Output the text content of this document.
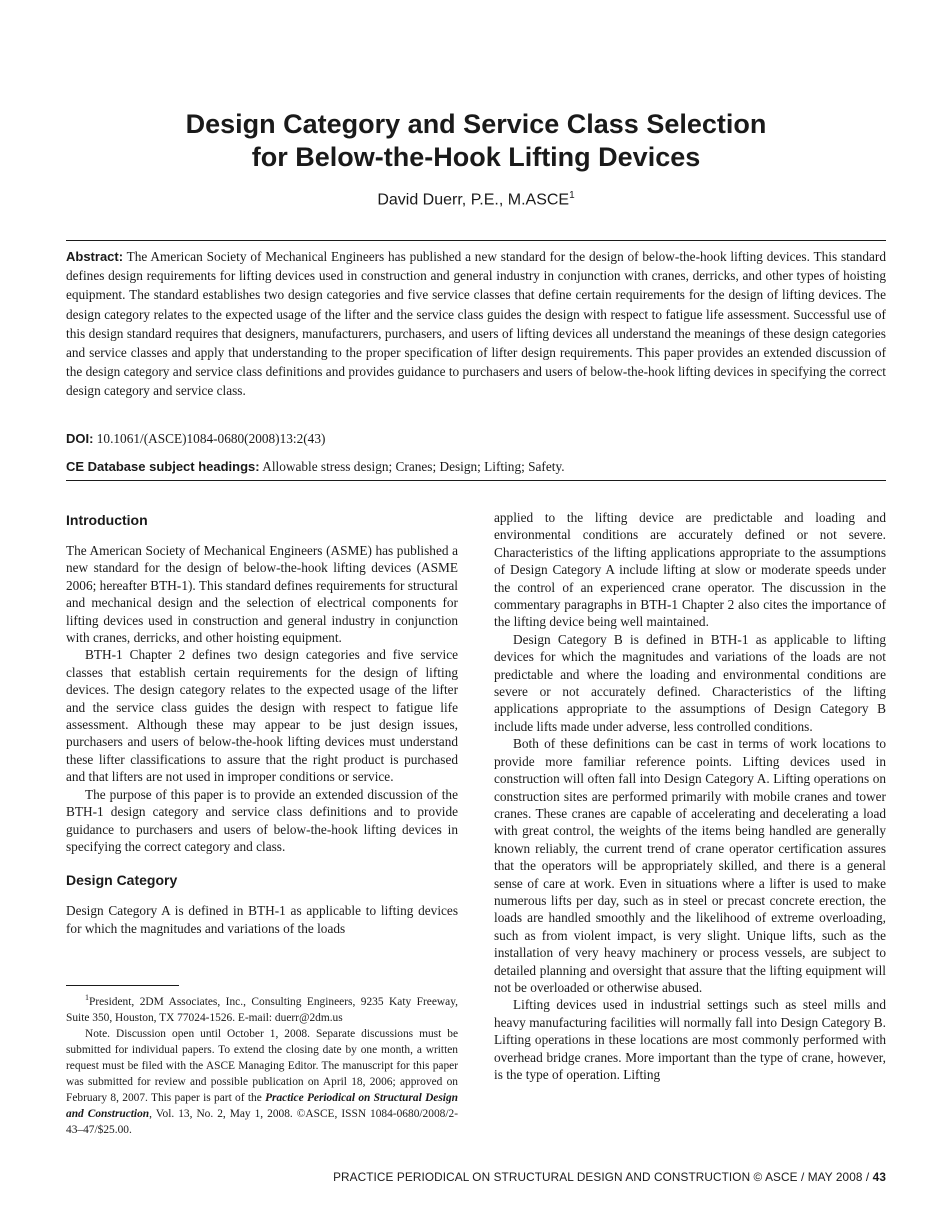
Design Category and Service Class Selection
for Below-the-Hook Lifting Devices
David Duerr, P.E., M.ASCE$^1$
Abstract: The American Society of Mechanical Engineers has published a new standard for the design of below-the-hook lifting devices. This standard defines design requirements for lifting devices used in construction and general industry in conjunction with cranes, derricks, and other types of hoisting equipment. The standard establishes two design categories and five service classes that define certain requirements for the design of lifting devices. The design category relates to the expected usage of the lifter and the service class guides the design with respect to fatigue life assessment. Successful use of this design standard requires that designers, manufacturers, purchasers, and users of lifting devices all understand the meanings of these design categories and service classes and apply that understanding to the proper specification of lifter design requirements. This paper provides an extended discussion of the design category and service class definitions and provides guidance to purchasers and users of below-the-hook lifting devices in specifying the correct design category and service class.
DOI: 10.1061/(ASCE)1084-0680(2008)13:2(43)
CE Database subject headings: Allowable stress design; Cranes; Design; Lifting; Safety.
Introduction

The American Society of Mechanical Engineers (ASME) has published a new standard for the design of below-the-hook lifting devices (ASME 2006; hereafter BTH-1). This standard defines requirements for structural and mechanical design and the selection of electrical components for lifting devices used in construction and general industry in conjunction with cranes, derricks, and other hoisting equipment.

BTH-1 Chapter 2 defines two design categories and five service classes that establish certain requirements for the design of lifting devices. The design category relates to the expected usage of the lifter and the service class guides the design with respect to fatigue life assessment. Although these may appear to be just design issues, purchasers and users of below-the-hook lifting devices must understand these lifter classifications to assure that the right product is purchased and that lifters are not used in improper conditions or service.

The purpose of this paper is to provide an extended discussion of the BTH-1 design category and service class definitions and to provide guidance to purchasers and users of below-the-hook lifting devices in specifying the correct category and class.

Design Category

Design Category A is defined in BTH-1 as applicable to lifting devices for which the magnitudes and variations of the loads

$^1$President, 2DM Associates, Inc., Consulting Engineers, 9235 Katy Freeway, Suite 350, Houston, TX 77024-1526. E-mail: duerr@2dm.us

Note. Discussion open until October 1, 2008. Separate discussions must be submitted for individual papers. To extend the closing date by one month, a written request must be filed with the ASCE Managing Editor. The manuscript for this paper was submitted for review and possible publication on April 18, 2006; approved on February 8, 2007. This paper is part of the Practice Periodical on Structural Design and Construction, Vol. 13, No. 2, May 1, 2008. ©ASCE, ISSN 1084-0680/2008/2-43–47/$25.00.

applied to the lifting device are predictable and loading and environmental conditions are accurately defined or not severe. Characteristics of the lifting applications appropriate to the assumptions of Design Category A include lifting at slow or moderate speeds under the control of an experienced crane operator. The discussion in the commentary paragraphs in BTH-1 Chapter 2 also cites the importance of the lifting device being well maintained.

Design Category B is defined in BTH-1 as applicable to lifting devices for which the magnitudes and variations of the loads are not predictable and where the loading and environmental conditions are severe or not accurately defined. Characteristics of the lifting applications appropriate to the assumptions of Design Category B include lifts made under adverse, less controlled conditions.

Both of these definitions can be cast in terms of work locations to provide more familiar reference points. Lifting devices used in construction will often fall into Design Category A. Lifting operations on construction sites are performed primarily with mobile cranes and tower cranes. These cranes are capable of accelerating and decelerating a load with great control, the weights of the items being handled are generally known reliably, the current trend of crane operator certification assures that the operators will be appropriately skilled, and there is a general sense of care at work. Even in situations where a lifter is used to make numerous lifts per day, such as in steel or precast concrete erection, the loads are handled smoothly and the likelihood of extreme overloading, such as from violent impact, is very slight. Unique lifts, such as the installation of very heavy machinery or process vessels, are subject to detailed planning and oversight that assure that the lifting equipment will not be overloaded or otherwise abused.

Lifting devices used in industrial settings such as steel mills and heavy manufacturing facilities will normally fall into Design Category B. Lifting operations in these locations are most commonly performed with overhead bridge cranes. More important than the type of crane, however, is the type of operation. Lifting

PRACTICE PERIODICAL ON STRUCTURAL DESIGN AND CONSTRUCTION © ASCE / MAY 2008 / 43
